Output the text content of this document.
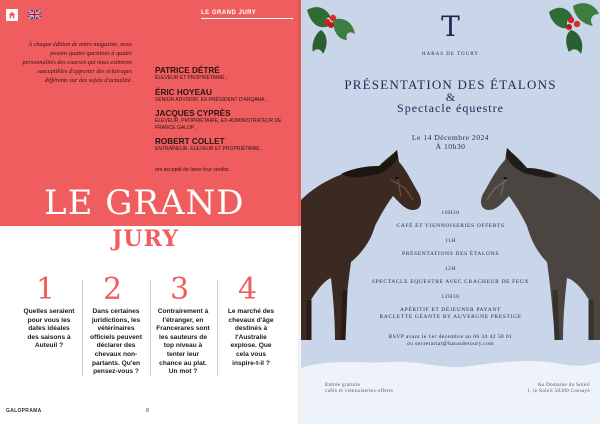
LE GRAND JURY
À chaque édition de notre magazine, nous posons quatre questions à quatre personnalités des courses qui nous estimons susceptibles d'apporter des éclairages différents sur des sujets d'actualité.
PATRICE DÉTRÉ
ÉLEVEUR ET PROPRIÉTAIRE ,
ÉRIC HOYEAU
SENIOR ADVISOR, EX-PRÉSIDENT D'ARQANA ,
JACQUES CYPRÈS
ÉLEVEUR, PROPRIÉTAIRE, EX-ADMINISTRATEUR DE FRANCE GALOP ,
ROBERT COLLET
ENTRAÎNEUR, ÉLEVEUR ET PROPRIÉTAIRE ,
ont accepté de livrer leur verdict.
LE GRAND
JURY
1
Quelles seraient pour vous les dates idéales des saisons à Auteuil ?
2
Dans certaines juridictions, les vétérinaires officiels peuvent déclarer des chevaux non-partants. Qu'en pensez-vous ?
3
Contrairement à l'étranger, en Francerares sont les sauteurs de top niveau à tenter leur chance au plat. Un mot ?
4
Le marché des chevaux d'âge destinés à l'Australie explose. Que cela vous inspire-t-il ?
GALOPRAMA	8
T
HARAS DE TOURY
PRÉSENTATION DES ÉTALONS
&
Spectacle équestre
Le 14 Décembre 2024
À 10h30
10H30
CAFÉ ET VIENNOISERIES OFFERTS
11H
PRÉSENTATIONS DES ÉTALONS
12H
SPECTACLE EQUESTRE AVEC CRACHEUR DE FEUX
12H30
APÉRITIF ET DÉJEUNER PAYANT
RACLETTE GÉANTE BY AUVERGNE PRESTIGE
RSVP avant le 1er décembre au 06 34 42 58 01
ou secretariat@harasdetoury.com
Entrée gratuite
cafés et viennoiseries offerts
Au Domaine du Soleil
1, le Soleil 58300 Cossaye
